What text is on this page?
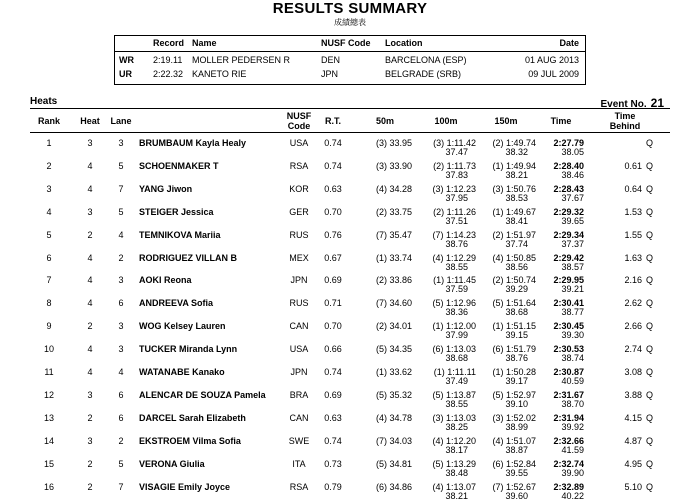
RESULTS SUMMARY
成績總表
Record Name	NUSF Code Location	Date
WR 2:19.11 MOLLER PEDERSEN R	DEN	BARCELONA (ESP)	01 AUG 2013
UR 2:22.32 KANETO RIE	JPN	BELGRADE (SRB)	09 JUL 2009
Heats	Event No. 21
Rank	Heat	Lane	NUSF
Code	R.T.	50m	100m	150m	Time	Time
Behind
1	3	3	BRUMBAUM Kayla Healy	USA	0.74	(3) 33.95	(3) 1:11.42	(2) 1:49.74	2:27.79
37.47	38.32	38.05
Q
2	4	5	SCHOENMAKER T	RSA	0.74	(3) 33.90	(2) 1:11.73	(1) 1:49.94	2:28.40
37.83	38.21	38.46
0.61 Q
3	4	7	YANG Jiwon	KOR	0.63	(4) 34.28	(3) 1:12.23	(3) 1:50.76	2:28.43
37.95	38.53	37.67
0.64 Q
4	3	5	STEIGER Jessica	GER	0.70	(2) 33.75	(2) 1:11.26	(1) 1:49.67	2:29.32
37.51	38.41	39.65
1.53 Q
5	2	4	TEMNIKOVA Mariia	RUS	0.76	(7) 35.47	(7) 1:14.23	(2) 1:51.97	2:29.34
38.76	37.74	37.37
1.55 Q
6	4	2	RODRIGUEZ VILLAN B	MEX	0.67	(1) 33.74	(4) 1:12.29	(4) 1:50.85	2:29.42
38.55	38.56	38.57
1.63 Q
7	4	3	AOKI Reona	JPN	0.69	(2) 33.86	(1) 1:11.45	(2) 1:50.74	2:29.95
37.59	39.29	39.21
2.16 Q
8	4	6	ANDREEVA Sofia	RUS	0.71	(7) 34.60	(5) 1:12.96	(5) 1:51.64	2:30.41
38.36	38.68	38.77
2.62 Q
9	2	3	WOG Kelsey Lauren	CAN	0.70	(2) 34.01	(1) 1:12.00	(1) 1:51.15	2:30.45
37.99	39.15	39.30
2.66 Q
10	4	3	TUCKER Miranda Lynn	USA	0.66	(5) 34.35	(6) 1:13.03	(6) 1:51.79	2:30.53
38.68	38.76	38.74
2.74 Q
11	4	4	WATANABE Kanako	JPN	0.74	(1) 33.62	(1) 1:11.11	(1) 1:50.28	2:30.87
37.49	39.17	40.59
3.08 Q
12	3	6	ALENCAR DE SOUZA Pamela	BRA	0.69	(5) 35.32	(5) 1:13.87	(5) 1:52.97	2:31.67
38.55	39.10	38.70
3.88 Q
13	2	6	DARCEL Sarah Elizabeth	CAN	0.63	(4) 34.78	(3) 1:13.03	(3) 1:52.02	2:31.94
38.25	38.99	39.92
4.15 Q
14	3	2	EKSTROEM Vilma Sofia	SWE	0.74	(7) 34.03	(4) 1:12.20	(4) 1:51.07	2:32.66
38.17	38.87	41.59
4.87 Q
15	2	5	VERONA Giulia	ITA	0.73	(5) 34.81	(5) 1:13.29	(6) 1:52.84	2:32.74
38.48	39.55	39.90
4.95 Q
16	2	7	VISAGIE Emily Joyce	RSA	0.79	(6) 34.86	(4) 1:13.07	(7) 1:52.67	2:32.89
38.21	39.60	40.22
5.10 Q
